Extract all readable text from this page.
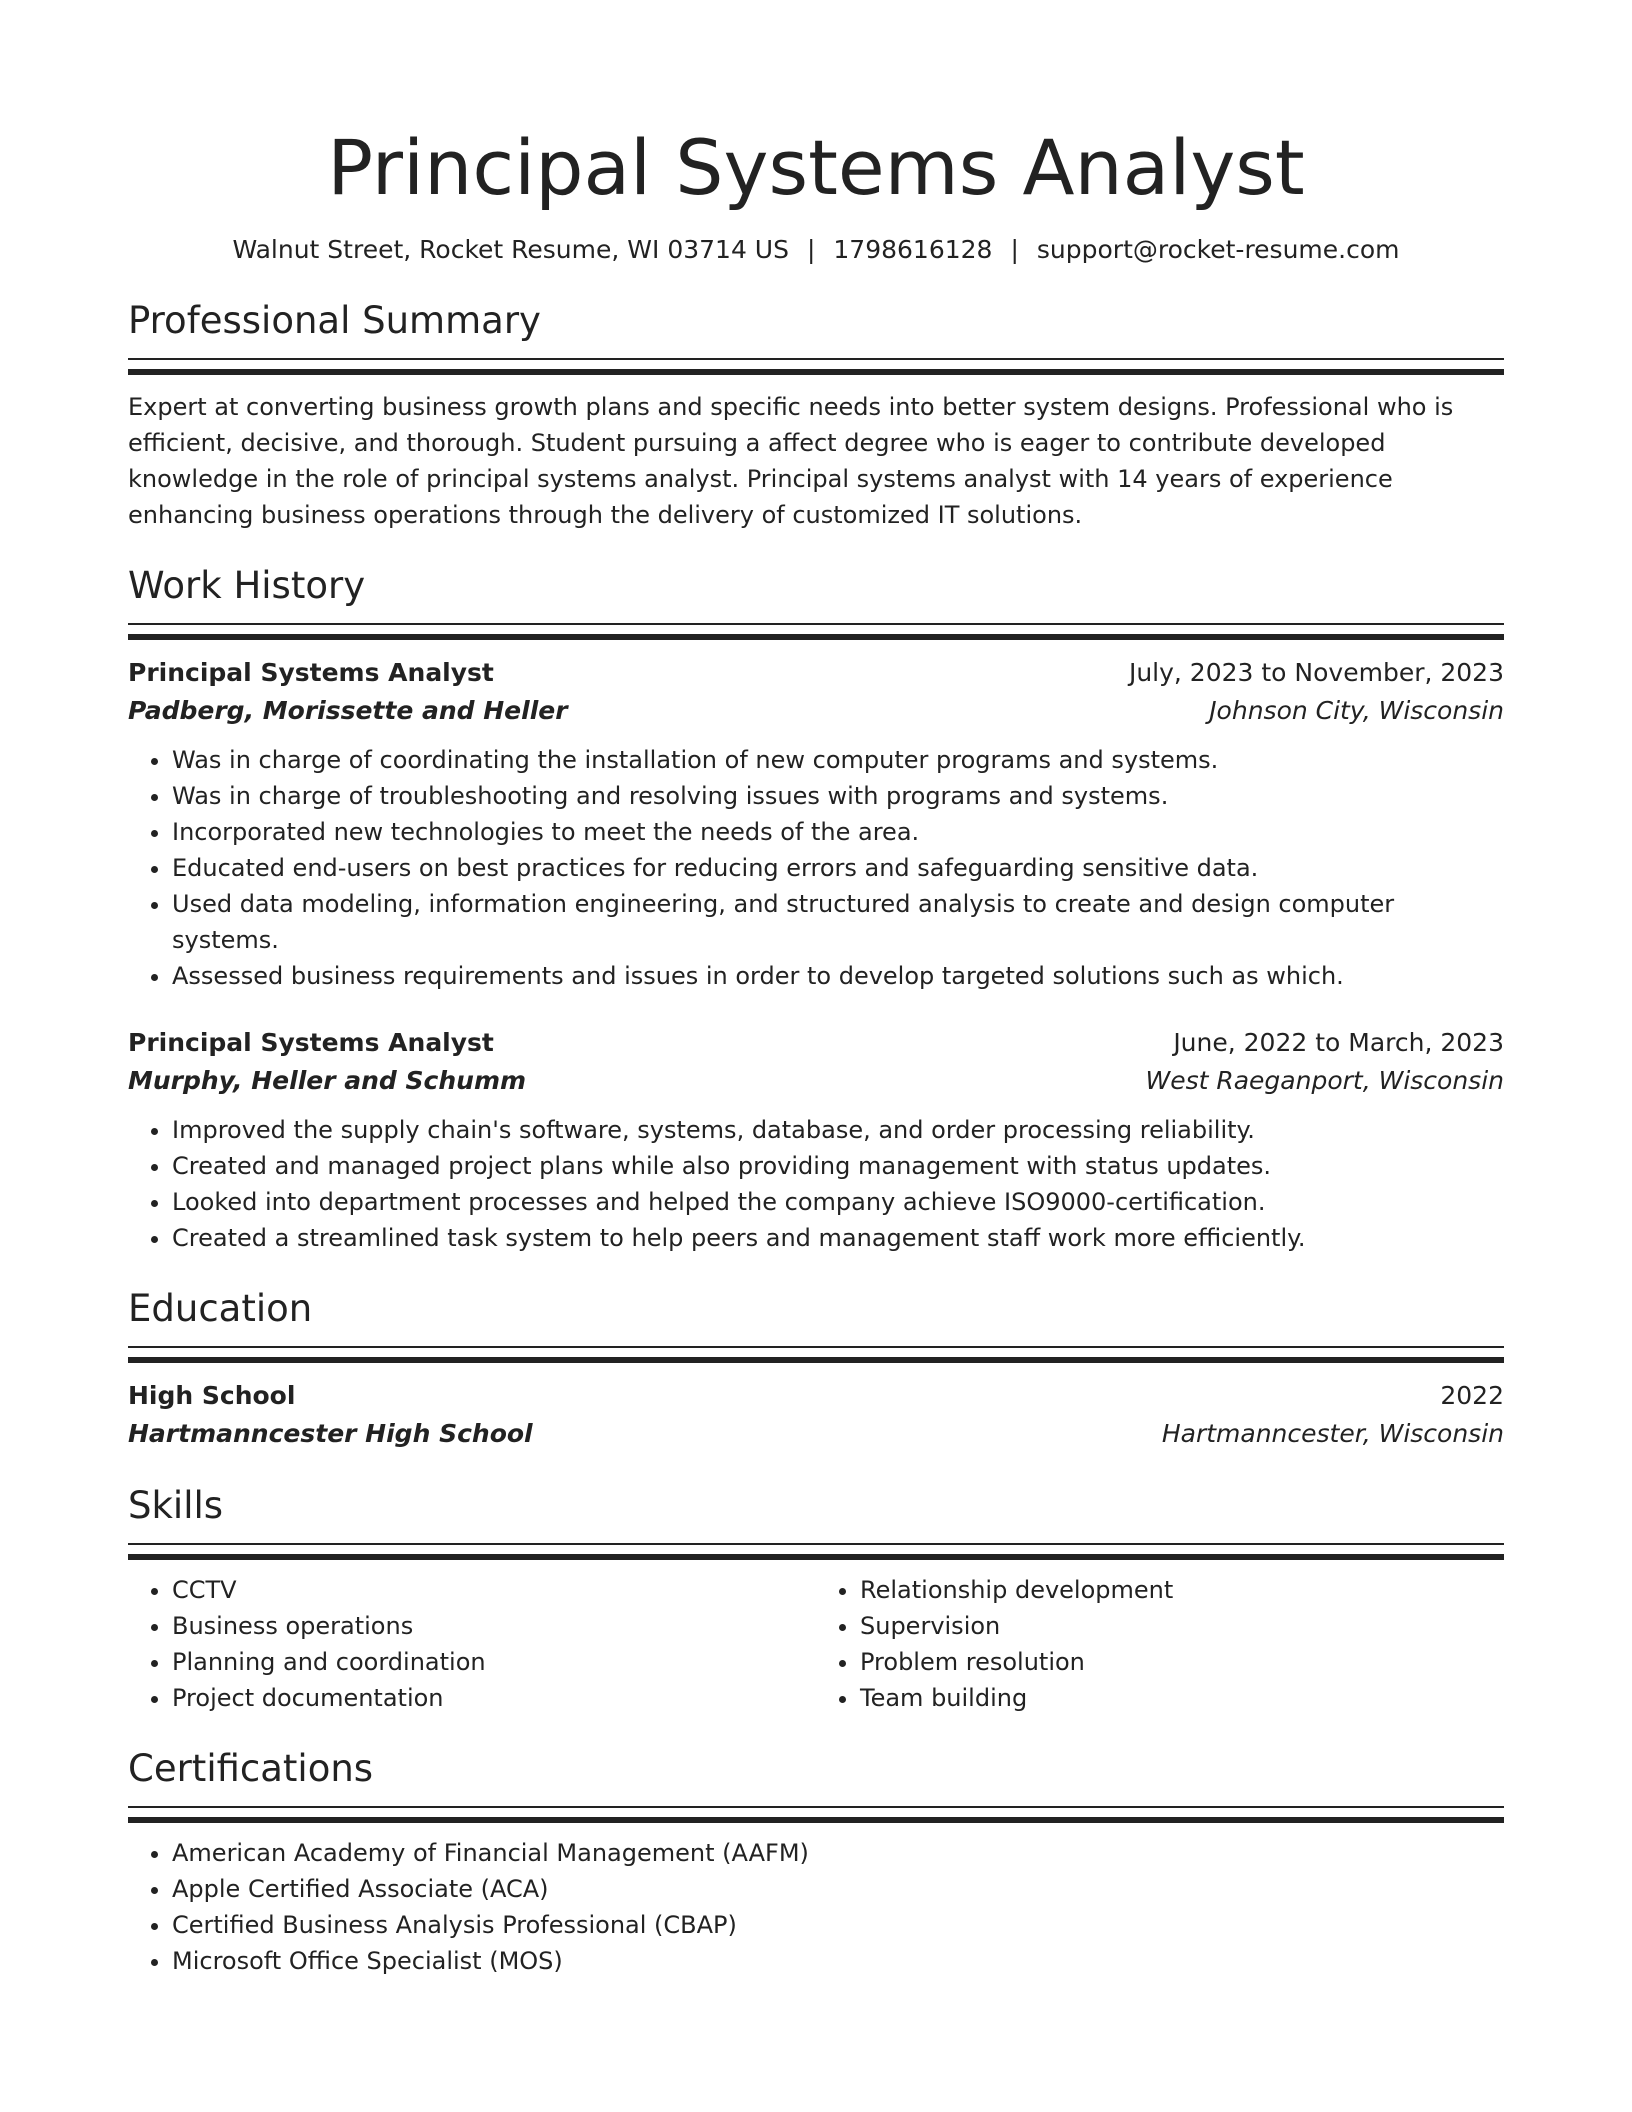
Principal Systems Analyst
Walnut Street, Rocket Resume, WI 03714 US | 1798616128 | support@rocket-resume.com
Professional Summary
Expert at converting business growth plans and specific needs into better system designs. Professional who is efficient, decisive, and thorough. Student pursuing a affect degree who is eager to contribute developed knowledge in the role of principal systems analyst. Principal systems analyst with 14 years of experience enhancing business operations through the delivery of customized IT solutions.
Work History
Principal Systems Analyst	July, 2023 to November, 2023
Padberg, Morissette and Heller	Johnson City, Wisconsin
• Was in charge of coordinating the installation of new computer programs and systems.
• Was in charge of troubleshooting and resolving issues with programs and systems.
• Incorporated new technologies to meet the needs of the area.
• Educated end-users on best practices for reducing errors and safeguarding sensitive data.
• Used data modeling, information engineering, and structured analysis to create and design computer systems.
• Assessed business requirements and issues in order to develop targeted solutions such as which.
Principal Systems Analyst	June, 2022 to March, 2023
Murphy, Heller and Schumm	West Raeganport, Wisconsin
• Improved the supply chain's software, systems, database, and order processing reliability.
• Created and managed project plans while also providing management with status updates.
• Looked into department processes and helped the company achieve ISO9000-certification.
• Created a streamlined task system to help peers and management staff work more efficiently.
Education
High School	2022
Hartmanncester High School	Hartmanncester, Wisconsin
Skills
• CCTV
• Business operations
• Planning and coordination
• Project documentation
• Relationship development
• Supervision
• Problem resolution
• Team building
Certifications
• American Academy of Financial Management (AAFM)
• Apple Certified Associate (ACA)
• Certified Business Analysis Professional (CBAP)
• Microsoft Office Specialist (MOS)
